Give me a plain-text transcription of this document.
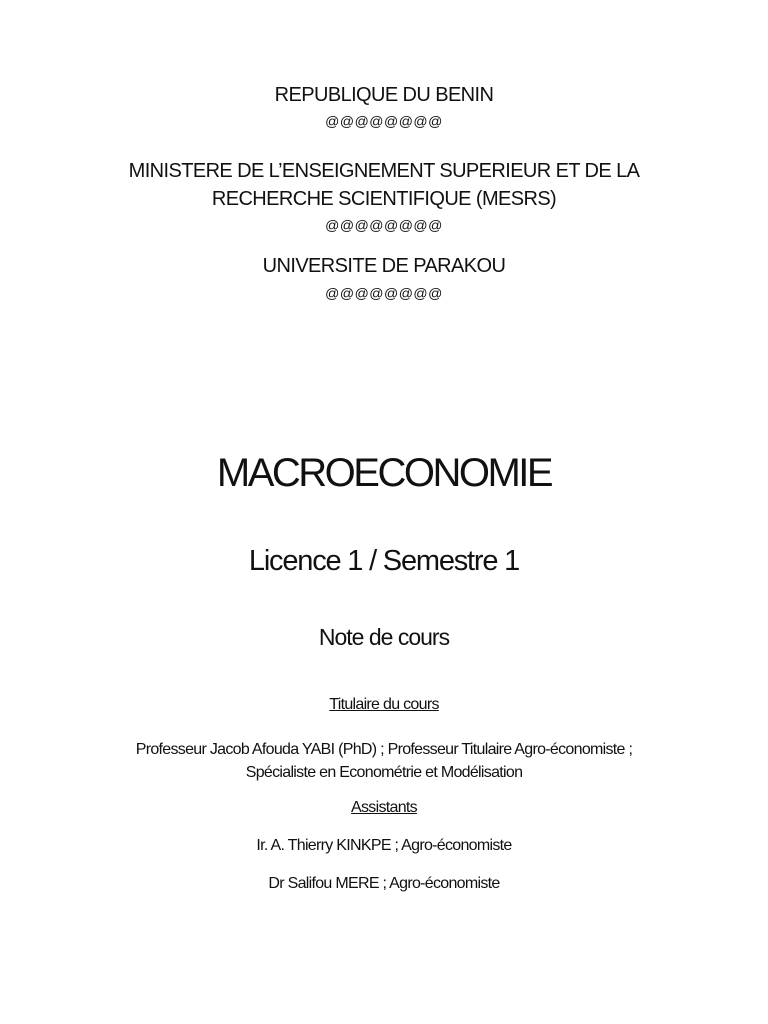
REPUBLIQUE DU BENIN
@@@@@@@@
MINISTERE DE L’ENSEIGNEMENT SUPERIEUR ET DE LA
RECHERCHE SCIENTIFIQUE (MESRS)
@@@@@@@@
UNIVERSITE DE PARAKOU
@@@@@@@@
MACROECONOMIE
Licence 1 / Semestre 1
Note de cours
Titulaire du cours
Professeur Jacob Afouda YABI (PhD) ; Professeur Titulaire Agro-économiste ;
Spécialiste en Econométrie et Modélisation
Assistants
Ir. A. Thierry KINKPE ; Agro-économiste
Dr Salifou MERE ; Agro-économiste
